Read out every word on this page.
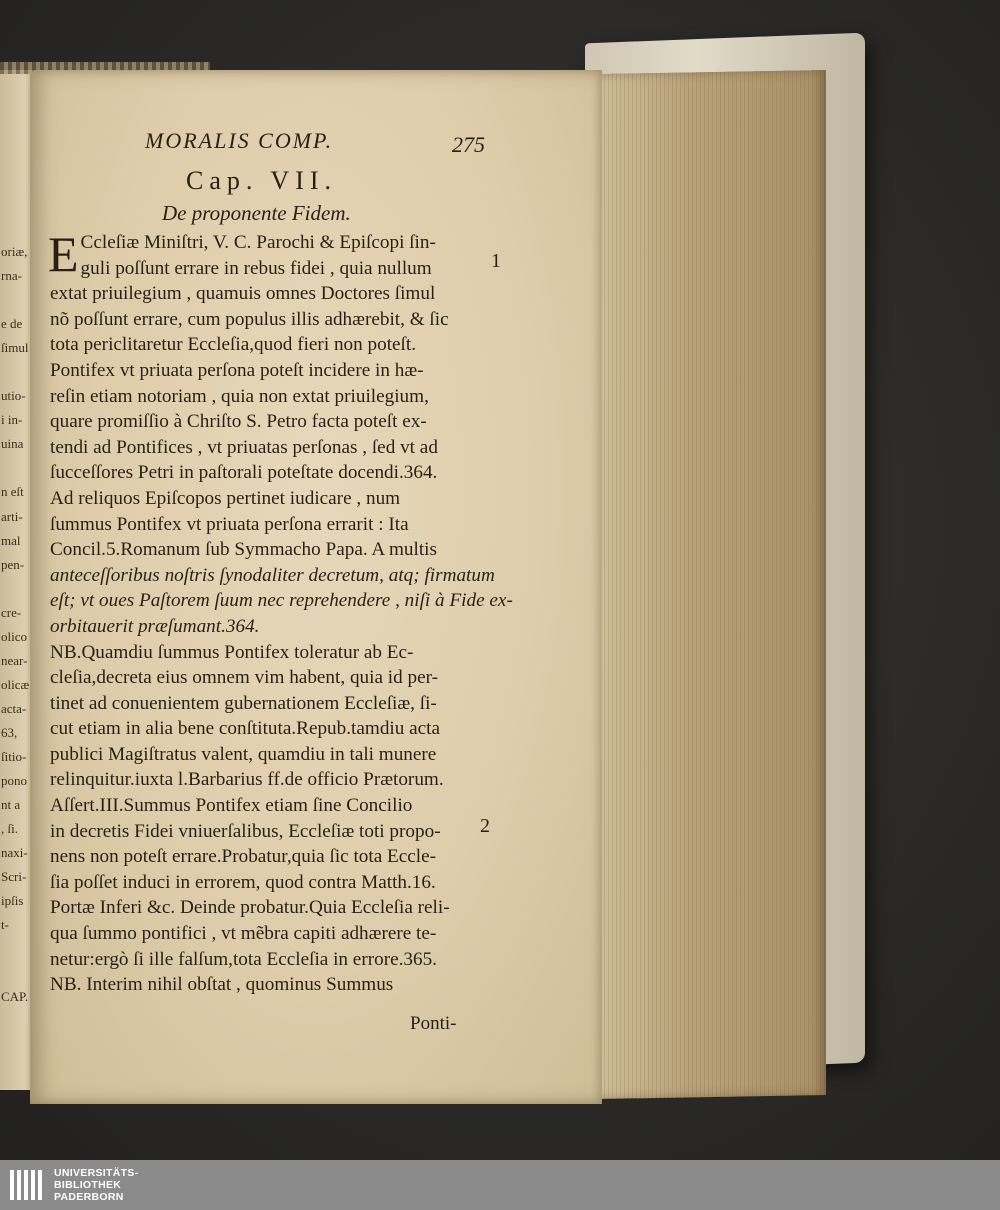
oriæ,
rna-

e de
ſimul

utio-
i in-
uina

n eſt
arti-
mal
pen-

cre-
olico
near-
olicæ
acta-
63,
ſitio-
pono
nt a
, ſi.
naxi-
Scri-
ipſis
t-

CAP.
MORALIS COMP.	275
Cap. VII.
De proponente Fidem.
E Ccleſiæ Miniſtri, V. C. Parochi & Epiſcopi ſin-
guli poſſunt errare in rebus fidei , quia nullum
extat priuilegium , quamuis omnes Doctores ſimul
nõ poſſunt errare, cum populus illis adhærebit, & ſic
tota periclitaretur Eccleſia,quod fieri non poteſt.
Pontifex vt priuata perſona poteſt incidere in hæ-
reſin etiam notoriam , quia non extat priuilegium,
quare promiſſio à Chriſto S. Petro facta poteſt ex-
tendi ad Pontifices , vt priuatas perſonas , ſed vt ad
ſucceſſores Petri in paſtorali poteſtate docendi.364.
Ad reliquos Epiſcopos pertinet iudicare , num
ſummus Pontifex vt priuata perſona errarit : Ita
Concil.5.Romanum ſub Symmacho Papa. A multis
anteceſſoribus noſtris ſynodaliter decretum, atq; firmatum
eſt; vt oues Paſtorem ſuum nec reprehendere , niſi à Fide ex-
orbitauerit præſumant.364.
NB.Quamdiu ſummus Pontifex toleratur ab Ec-
cleſia,decreta eius omnem vim habent, quia id per-
tinet ad conuenientem gubernationem Eccleſiæ, ſi-
cut etiam in alia bene conſtituta.Repub.tamdiu acta
publici Magiſtratus valent, quamdiu in tali munere
relinquitur.iuxta l.Barbarius ff.de officio Prætorum.
Aſſert.III.Summus Pontifex etiam ſine Concilio
in decretis Fidei vniuerſalibus, Eccleſiæ toti propo-
nens non poteſt errare.Probatur,quia ſic tota Eccle-
ſia poſſet induci in errorem, quod contra Matth.16.
Portæ Inferi &c. Deinde probatur.Quia Eccleſia reli-
qua ſummo pontifici , vt mẽbra capiti adhærere te-
netur:ergò ſi ille falſum,tota Eccleſia in errore.365.
NB. Interim nihil obſtat , quominus Summus
1
2
Ponti-
UNIVERSITÄTS-
BIBLIOTHEK
PADERBORN
